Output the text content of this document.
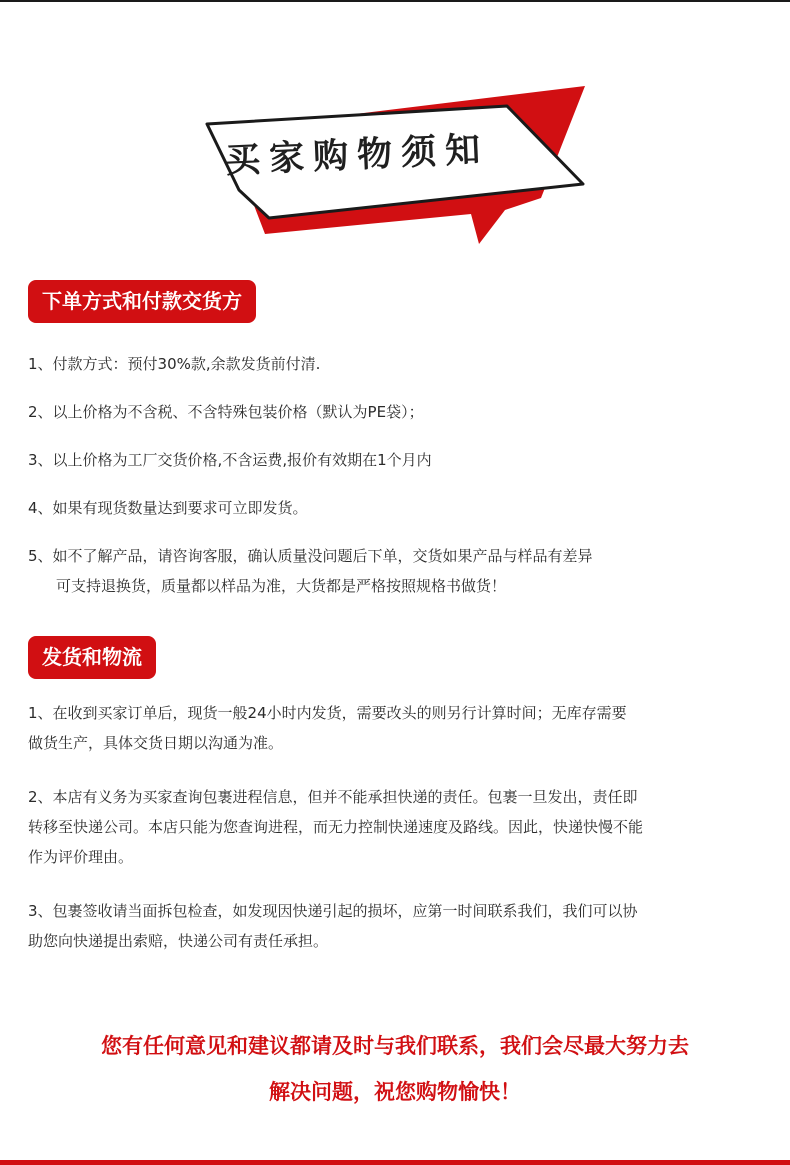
买家购物须知
下单方式和付款交货方
1、付款方式：预付30%款,余款发货前付清.
2、以上价格为不含税、不含特殊包装价格（默认为PE袋）；
3、以上价格为工厂交货价格,不含运费,报价有效期在1个月内
4、如果有现货数量达到要求可立即发货。
5、如不了解产品，请咨询客服，确认质量没问题后下单，交货如果产品与样品有差异
可支持退换货，质量都以样品为准，大货都是严格按照规格书做货！
发货和物流
1、在收到买家订单后，现货一般24小时内发货，需要改头的则另行计算时间；无库存需要
做货生产，具体交货日期以沟通为准。
2、本店有义务为买家查询包裹进程信息，但并不能承担快递的责任。包裹一旦发出，责任即
转移至快递公司。本店只能为您查询进程，而无力控制快递速度及路线。因此，快递快慢不能
作为评价理由。
3、包裹签收请当面拆包检查，如发现因快递引起的损坏，应第一时间联系我们，我们可以协
助您向快递提出索赔，快递公司有责任承担。
您有任何意见和建议都请及时与我们联系，我们会尽最大努力去
解决问题，祝您购物愉快！
